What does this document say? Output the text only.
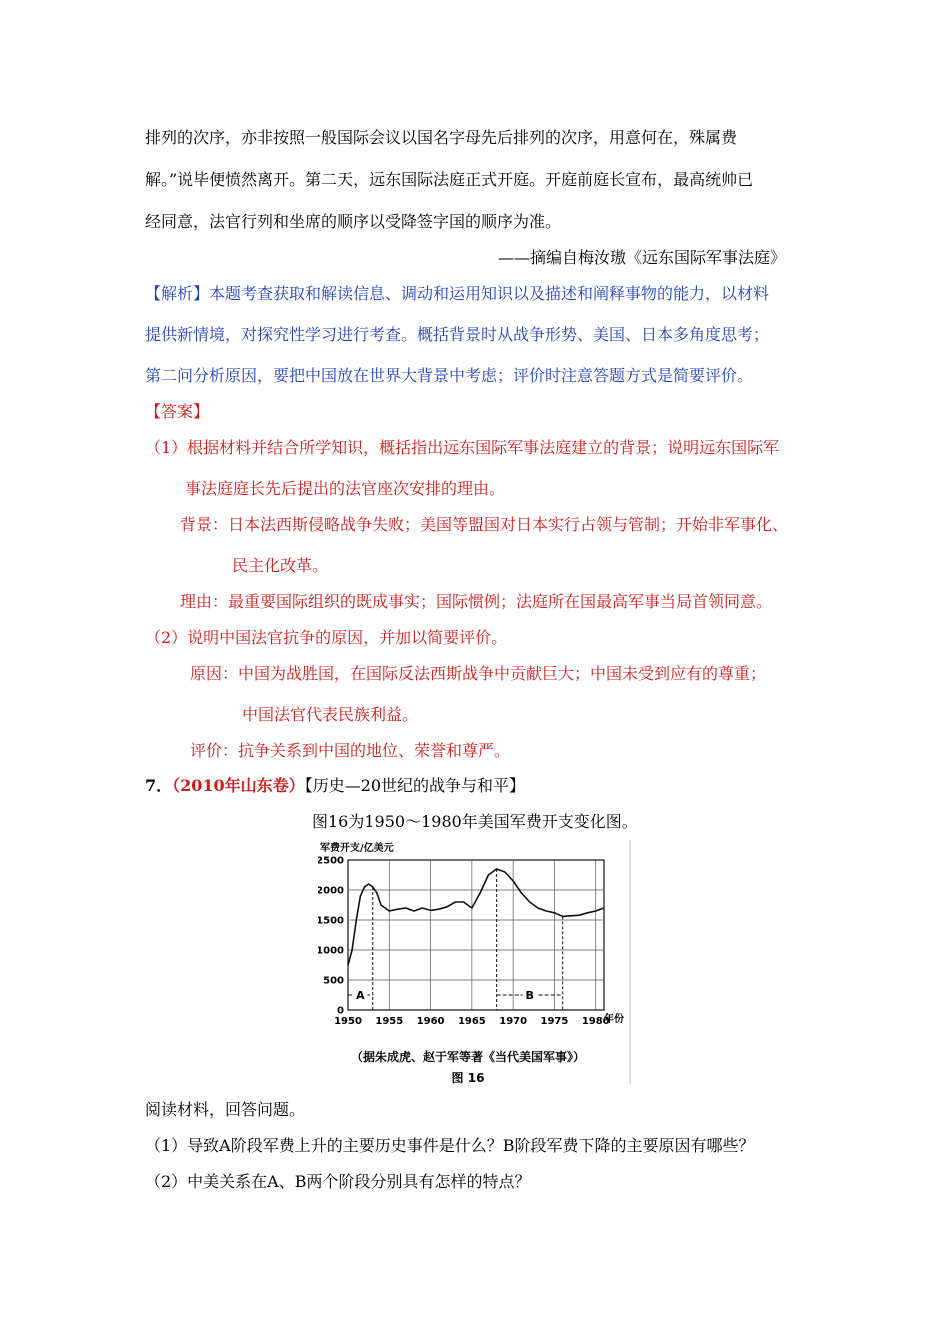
排列的次序，亦非按照一般国际会议以国名字母先后排列的次序，用意何在，殊属费
解。”说毕便愤然离开。第二天，远东国际法庭正式开庭。开庭前庭长宣布，最高统帅已
经同意，法官行列和坐席的顺序以受降签字国的顺序为准。
——摘编自梅汝璈《远东国际军事法庭》
【解析】本题考查获取和解读信息、调动和运用知识以及描述和阐释事物的能力，以材料
提供新情境，对探究性学习进行考查。概括背景时从战争形势、美国、日本多角度思考；
第二问分析原因，要把中国放在世界大背景中考虑；评价时注意答题方式是简要评价。
【答案】
（1）根据材料并结合所学知识，概括指出远东国际军事法庭建立的背景；说明远东国际军
事法庭庭长先后提出的法官座次安排的理由。
背景：日本法西斯侵略战争失败；美国等盟国对日本实行占领与管制；开始非军事化、
民主化改革。
理由：最重要国际组织的既成事实；国际惯例；法庭所在国最高军事当局首领同意。
（2）说明中国法官抗争的原因，并加以简要评价。
原因：中国为战胜国，在国际反法西斯战争中贡献巨大；中国未受到应有的尊重；
中国法官代表民族利益。
评价：抗争关系到中国的地位、荣誉和尊严。
7．（2010年山东卷）【历史—20世纪的战争与和平】
图16为1950～1980年美国军费开支变化图。
军费开支/亿美元
0
500
1000
1500
2000
2500
1950 1955 1960 1965 1970 1975 1980
A	B
年份
（据朱成虎、赵于军等著《当代美国军事》）
图 16
阅读材料，回答问题。
（1）导致A阶段军费上升的主要历史事件是什么？B阶段军费下降的主要原因有哪些？
（2）中美关系在A、B两个阶段分别具有怎样的特点？
